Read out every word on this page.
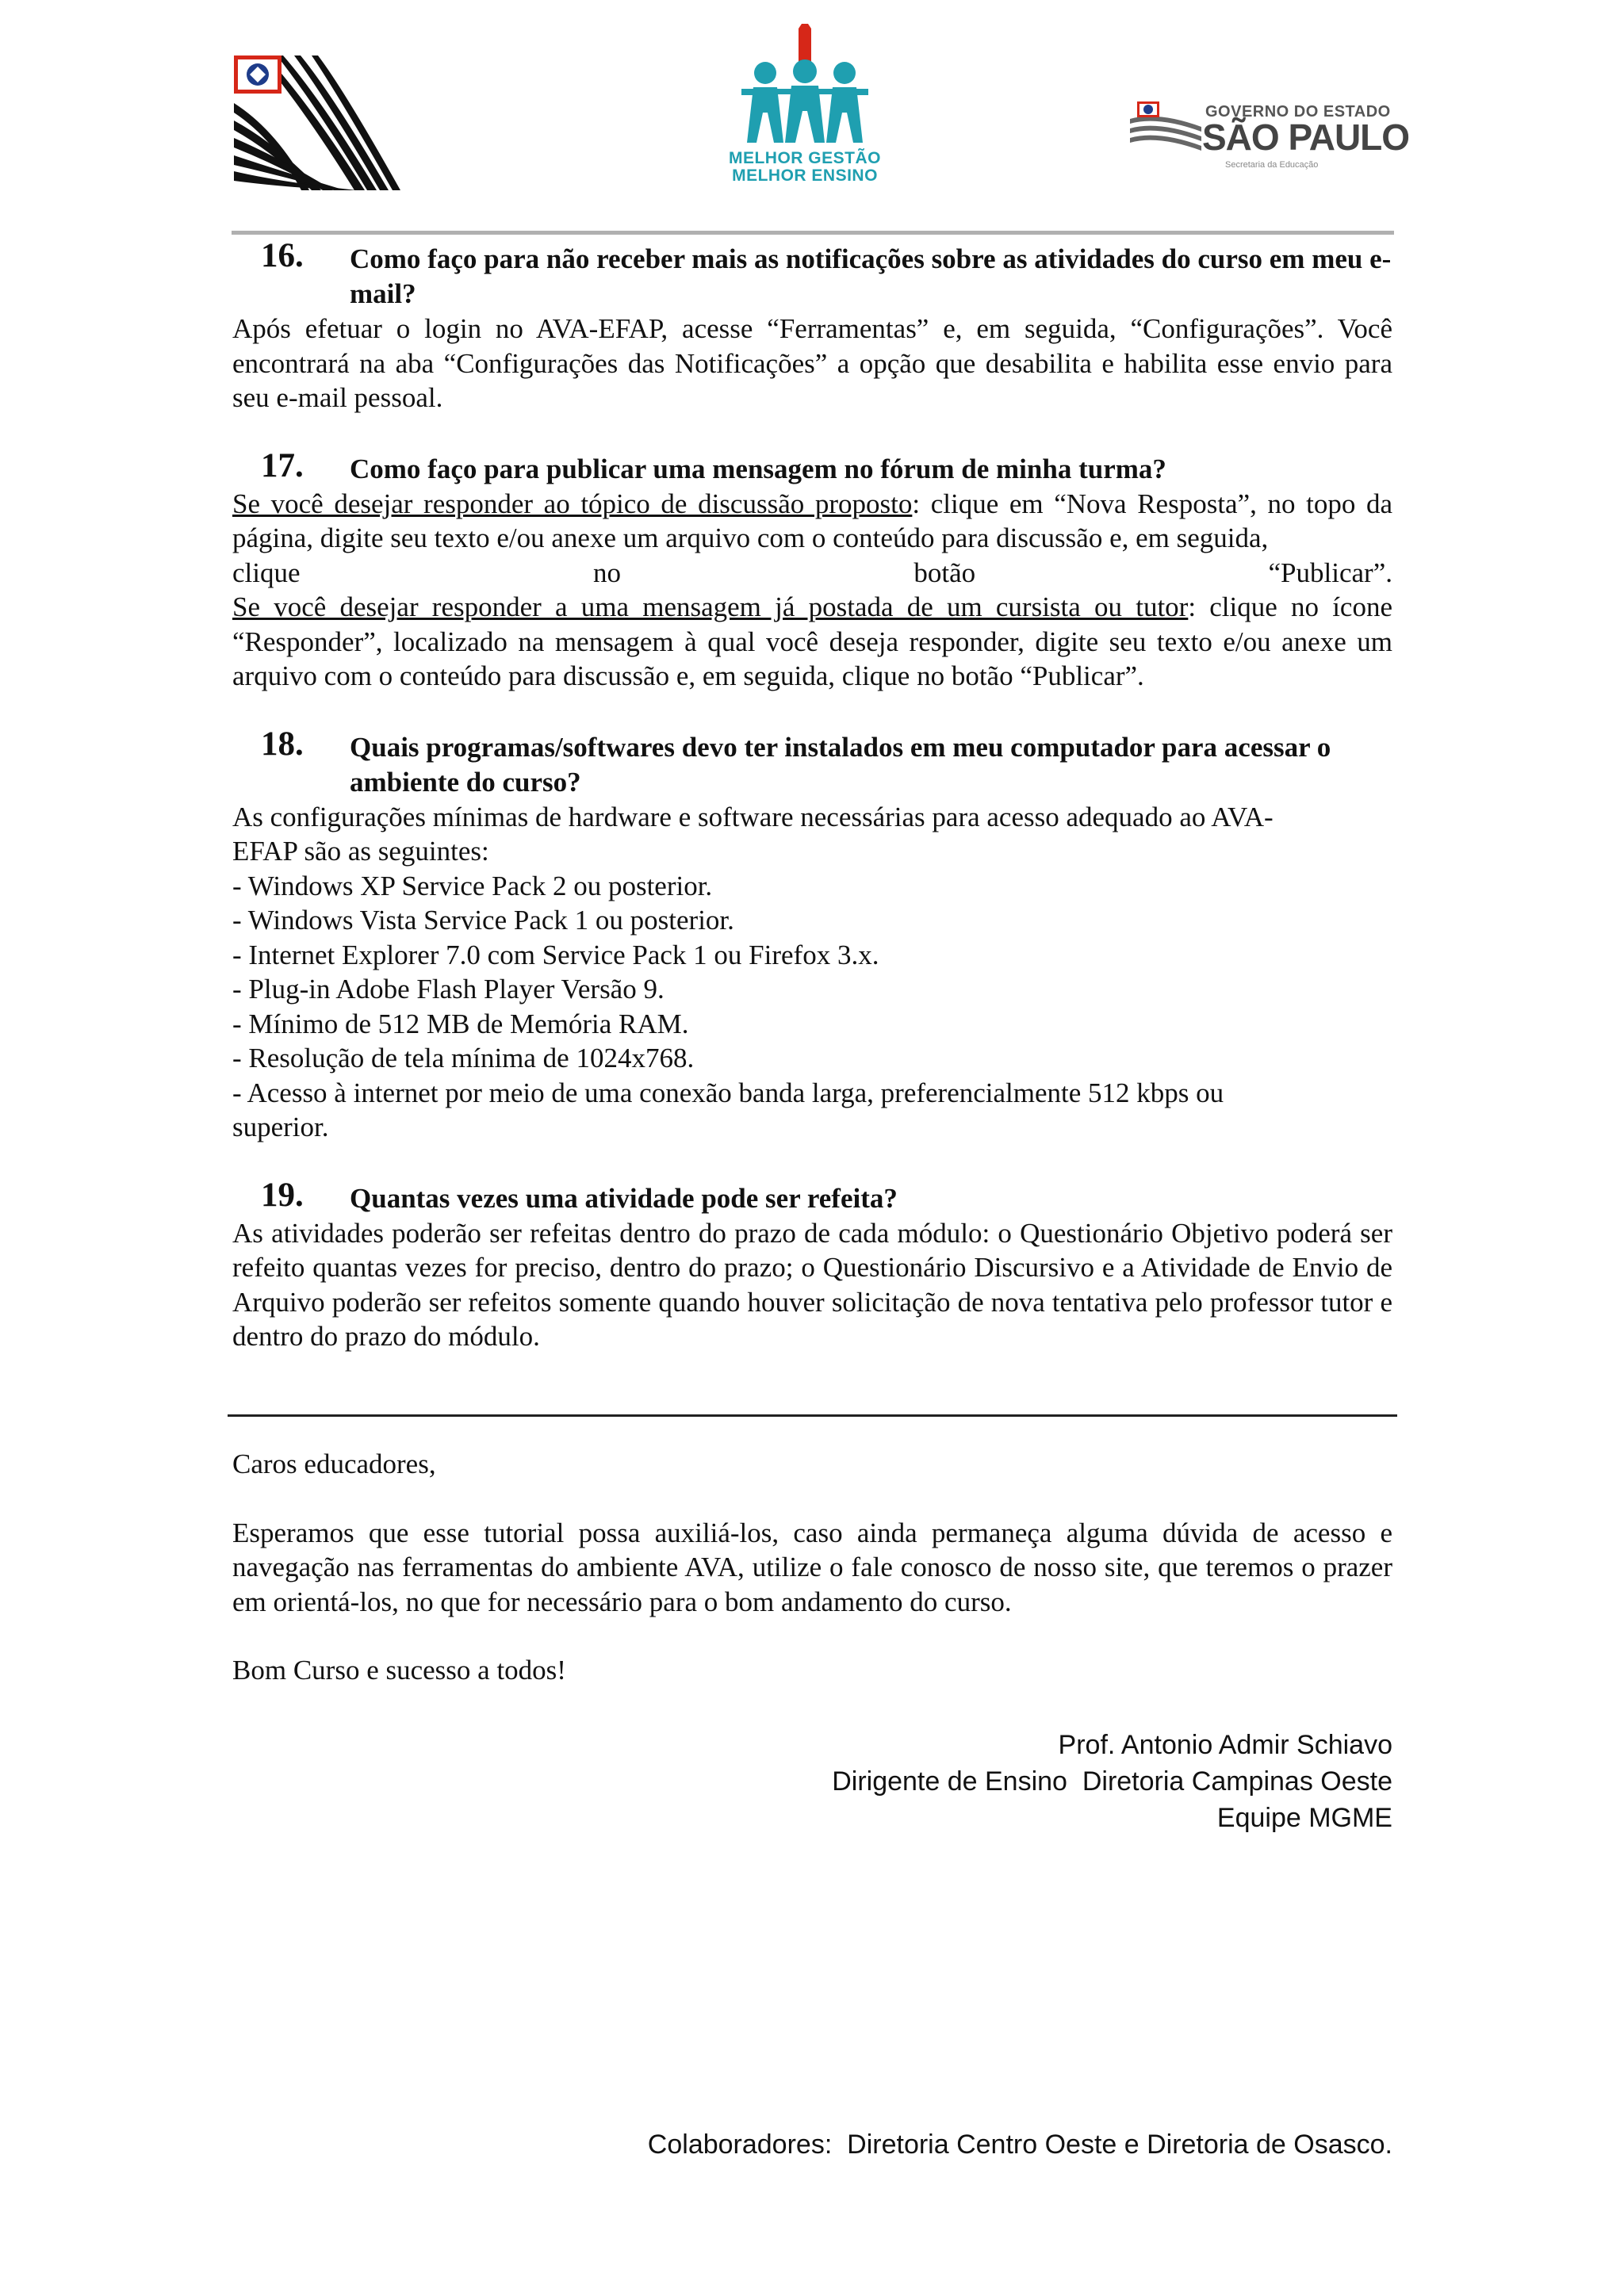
MELHOR GESTÃO
MELHOR ENSINO
GOVERNO DO ESTADO
SÃO PAULO
Secretaria da Educação
16. Como faço para não receber mais as notificações sobre as atividades do curso em meu e-mail?

Após efetuar o login no AVA-EFAP, acesse “Ferramentas” e, em seguida, “Configurações”. Você encontrará na aba “Configurações das Notificações” a opção que desabilita e habilita esse envio para seu e-mail pessoal.

17. Como faço para publicar uma mensagem no fórum de minha turma?

Se você desejar responder ao tópico de discussão proposto: clique em “Nova Resposta”, no topo da página, digite seu texto e/ou anexe um arquivo com o conteúdo para discussão e, em seguida,

clique	no	botão	“Publicar”.

Se você desejar responder a uma mensagem já postada de um cursista ou tutor: clique no ícone “Responder”, localizado na mensagem à qual você deseja responder, digite seu texto e/ou anexe um arquivo com o conteúdo para discussão e, em seguida, clique no botão “Publicar”.

18. Quais programas/softwares devo ter instalados em meu computador para acessar o ambiente do curso?

As configurações mínimas de hardware e software necessárias para acesso adequado ao AVA-

EFAP são as seguintes:

- Windows XP Service Pack 2 ou posterior.

- Windows Vista Service Pack 1 ou posterior.

- Internet Explorer 7.0 com Service Pack 1 ou Firefox 3.x.

- Plug-in Adobe Flash Player Versão 9.

- Mínimo de 512 MB de Memória RAM.

- Resolução de tela mínima de 1024x768.

- Acesso à internet por meio de uma conexão banda larga, preferencialmente 512 kbps ou

superior.

19. Quantas vezes uma atividade pode ser refeita?

As atividades poderão ser refeitas dentro do prazo de cada módulo: o Questionário Objetivo poderá ser refeito quantas vezes for preciso, dentro do prazo; o Questionário Discursivo e a Atividade de Envio de Arquivo poderão ser refeitos somente quando houver solicitação de nova tentativa pelo professor tutor e dentro do prazo do módulo.

Caros educadores,

Esperamos que esse tutorial possa auxiliá-los, caso ainda permaneça alguma dúvida de acesso e navegação nas ferramentas do ambiente AVA, utilize o fale conosco de nosso site, que teremos o prazer em orientá-los, no que for necessário para o bom andamento do curso.

Bom Curso e sucesso a todos!

Prof. Antonio Admir Schiavo
Dirigente de Ensino  Diretoria Campinas Oeste
Equipe MGME
Colaboradores:  Diretoria Centro Oeste e Diretoria de Osasco.
